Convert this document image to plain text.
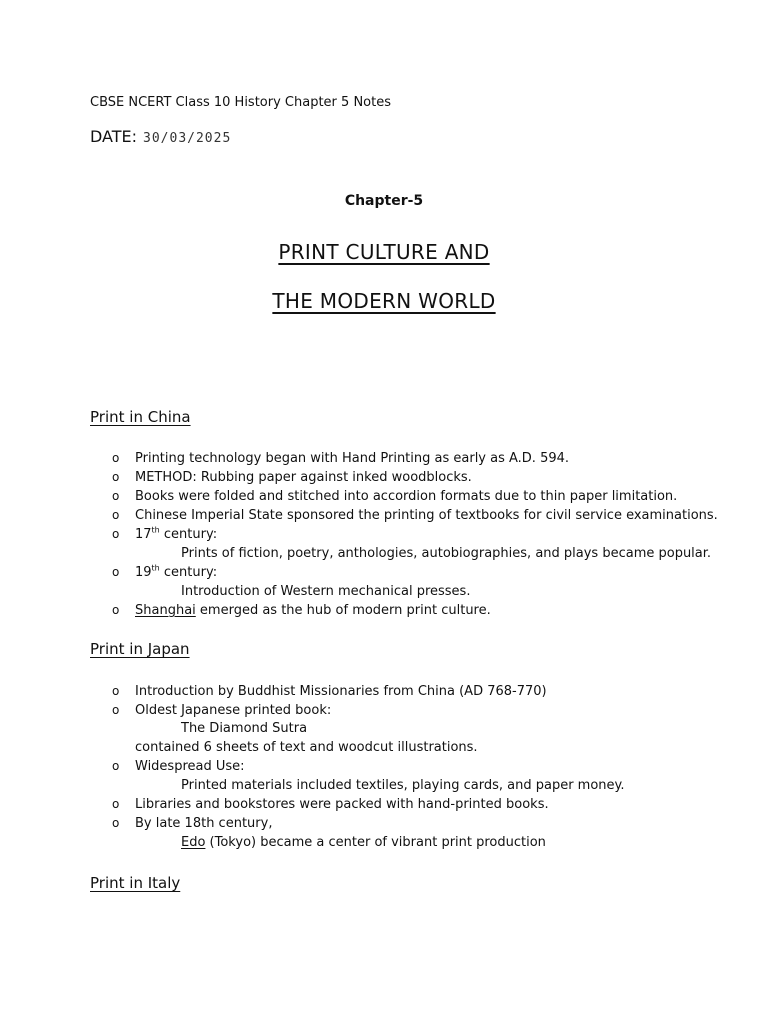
CBSE NCERT Class 10 History Chapter 5 Notes
DATE: 30/03/2025
Chapter-5
PRINT CULTURE AND
THE MODERN WORLD
Print in China
o Printing technology began with Hand Printing as early as A.D. 594.
o METHOD: Rubbing paper against inked woodblocks.
o Books were folded and stitched into accordion formats due to thin paper limitation.
o Chinese Imperial State sponsored the printing of textbooks for civil service examinations.
o 17th century:
Prints of fiction, poetry, anthologies, autobiographies, and plays became popular.
o 19th century:
Introduction of Western mechanical presses.
o Shanghai emerged as the hub of modern print culture.
Print in Japan
o Introduction by Buddhist Missionaries from China (AD 768-770)
o Oldest Japanese printed book:
The Diamond Sutra
contained 6 sheets of text and woodcut illustrations.
o Widespread Use:
Printed materials included textiles, playing cards, and paper money.
o Libraries and bookstores were packed with hand-printed books.
o By late 18th century,
Edo (Tokyo) became a center of vibrant print production
Print in Italy
